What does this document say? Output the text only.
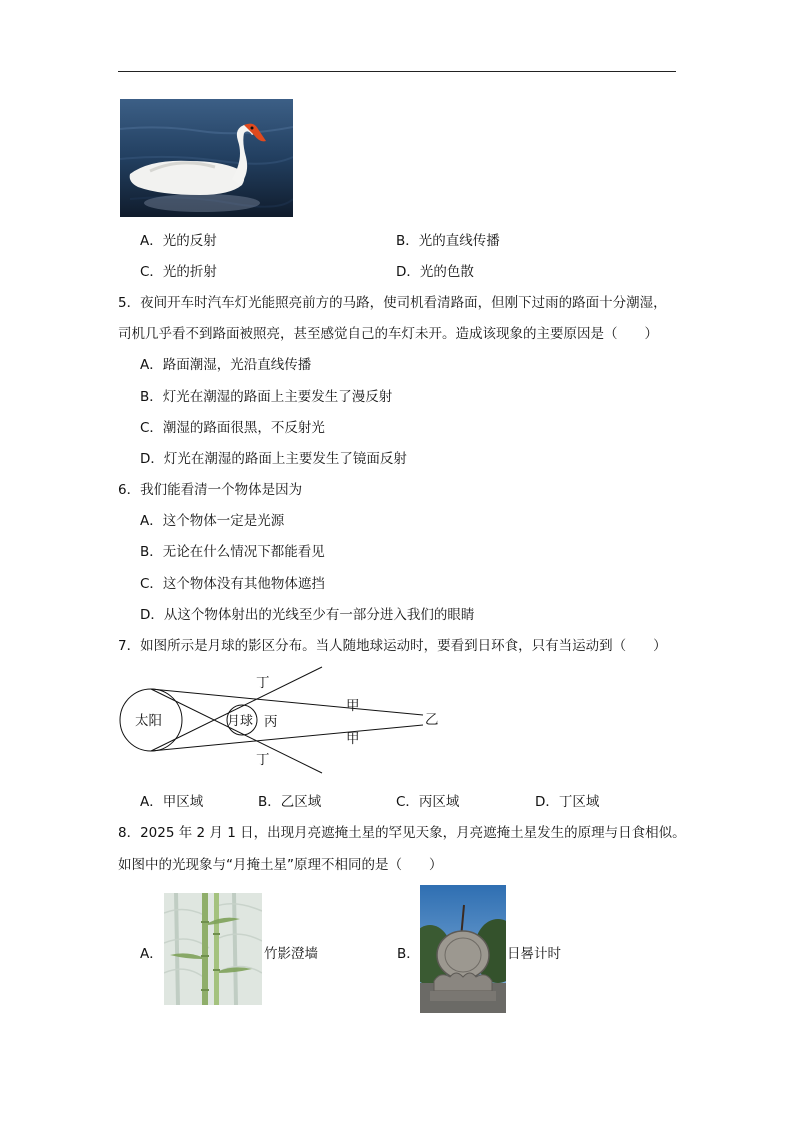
A．光的反射	B．光的直线传播
C．光的折射	D．光的色散
5．夜间开车时汽车灯光能照亮前方的马路，使司机看清路面，但刚下过雨的路面十分潮湿，
司机几乎看不到路面被照亮，甚至感觉自己的车灯未开。造成该现象的主要原因是（　　）
A．路面潮湿，光沿直线传播
B．灯光在潮湿的路面上主要发生了漫反射
C．潮湿的路面很黑，不反射光
D．灯光在潮湿的路面上主要发生了镜面反射
6．我们能看清一个物体是因为
A．这个物体一定是光源
B．无论在什么情况下都能看见
C．这个物体没有其他物体遮挡
D．从这个物体射出的光线至少有一部分进入我们的眼睛
7．如图所示是月球的影区分布。当人随地球运动时，要看到日环食，只有当运动到（　　）
太阳	月球 丙
甲
甲
乙
丁
丁
A．甲区域	B．乙区域	C．丙区域	D．丁区域
8．2025 年 2 月 1 日，出现月亮遮掩土星的罕见天象，月亮遮掩土星发生的原理与日食相似。
如图中的光现象与“月掩土星”原理不相同的是（　　）
A．	竹影澄墙	B．	日晷计时
